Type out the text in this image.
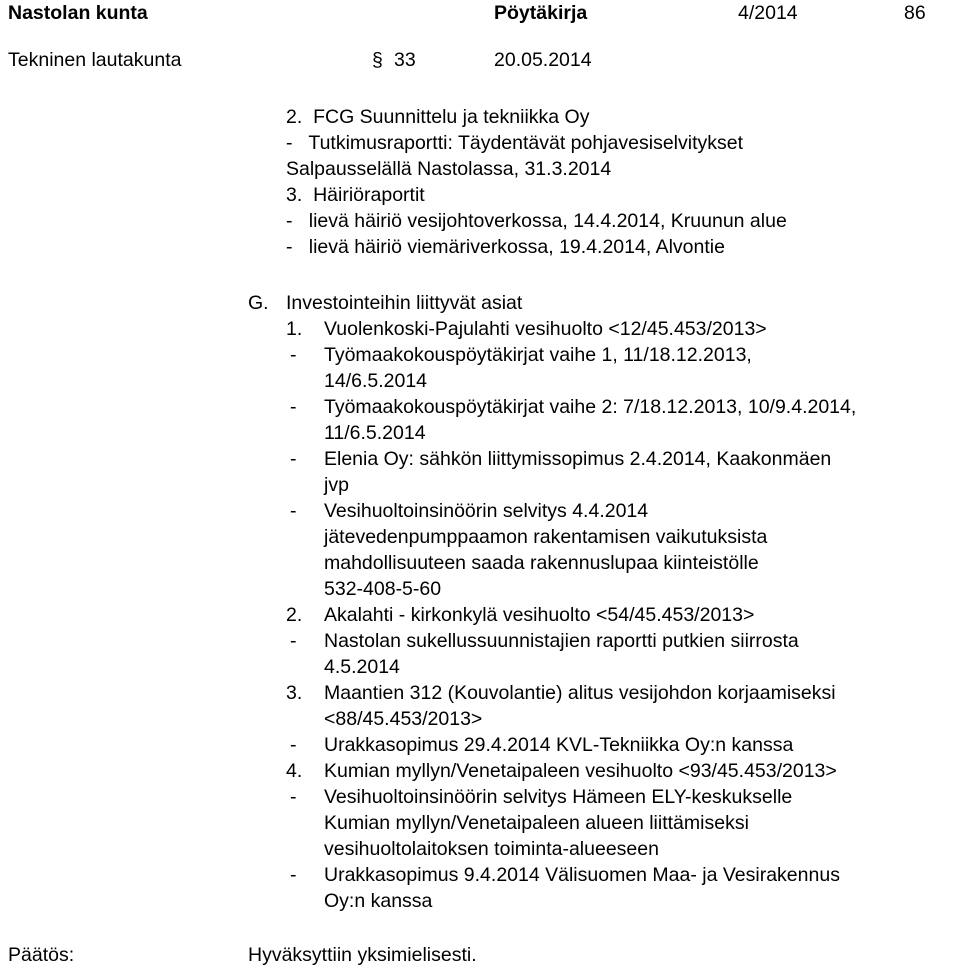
Nastolan kunta	Pöytäkirja	4/2014	86
Tekninen lautakunta	§ 33	20.05.2014
2.  FCG Suunnittelu ja tekniikka Oy
-   Tutkimusraportti: Täydentävät pohjavesiselvitykset
Salpausselällä Nastolassa, 31.3.2014
3.  Häiriöraportit
-   lievä häiriö vesijohtoverkossa, 14.4.2014, Kruunun alue
-   lievä häiriö viemäriverkossa, 19.4.2014, Alvontie
G. Investointeihin liittyvät asiat
1. Vuolenkoski-Pajulahti vesihuolto <12/45.453/2013>
- Työmaakokouspöytäkirjat vaihe 1, 11/18.12.2013,
14/6.5.2014
- Työmaakokouspöytäkirjat vaihe 2: 7/18.12.2013, 10/9.4.2014,
11/6.5.2014
- Elenia Oy: sähkön liittymissopimus 2.4.2014, Kaakonmäen
jvp
- Vesihuoltoinsinöörin selvitys 4.4.2014
jätevedenpumppaamon rakentamisen vaikutuksista
mahdollisuuteen saada rakennuslupaa kiinteistölle
532-408-5-60
2. Akalahti - kirkonkylä vesihuolto <54/45.453/2013>
- Nastolan sukellussuunnistajien raportti putkien siirrosta
4.5.2014
3. Maantien 312 (Kouvolantie) alitus vesijohdon korjaamiseksi
<88/45.453/2013>
- Urakkasopimus 29.4.2014 KVL-Tekniikka Oy:n kanssa
4. Kumian myllyn/Venetaipaleen vesihuolto <93/45.453/2013>
- Vesihuoltoinsinöörin selvitys Hämeen ELY-keskukselle
Kumian myllyn/Venetaipaleen alueen liittämiseksi
vesihuoltolaitoksen toiminta-alueeseen
- Urakkasopimus 9.4.2014 Välisuomen Maa- ja Vesirakennus
Oy:n kanssa
Päätös:	Hyväksyttiin yksimielisesti.
